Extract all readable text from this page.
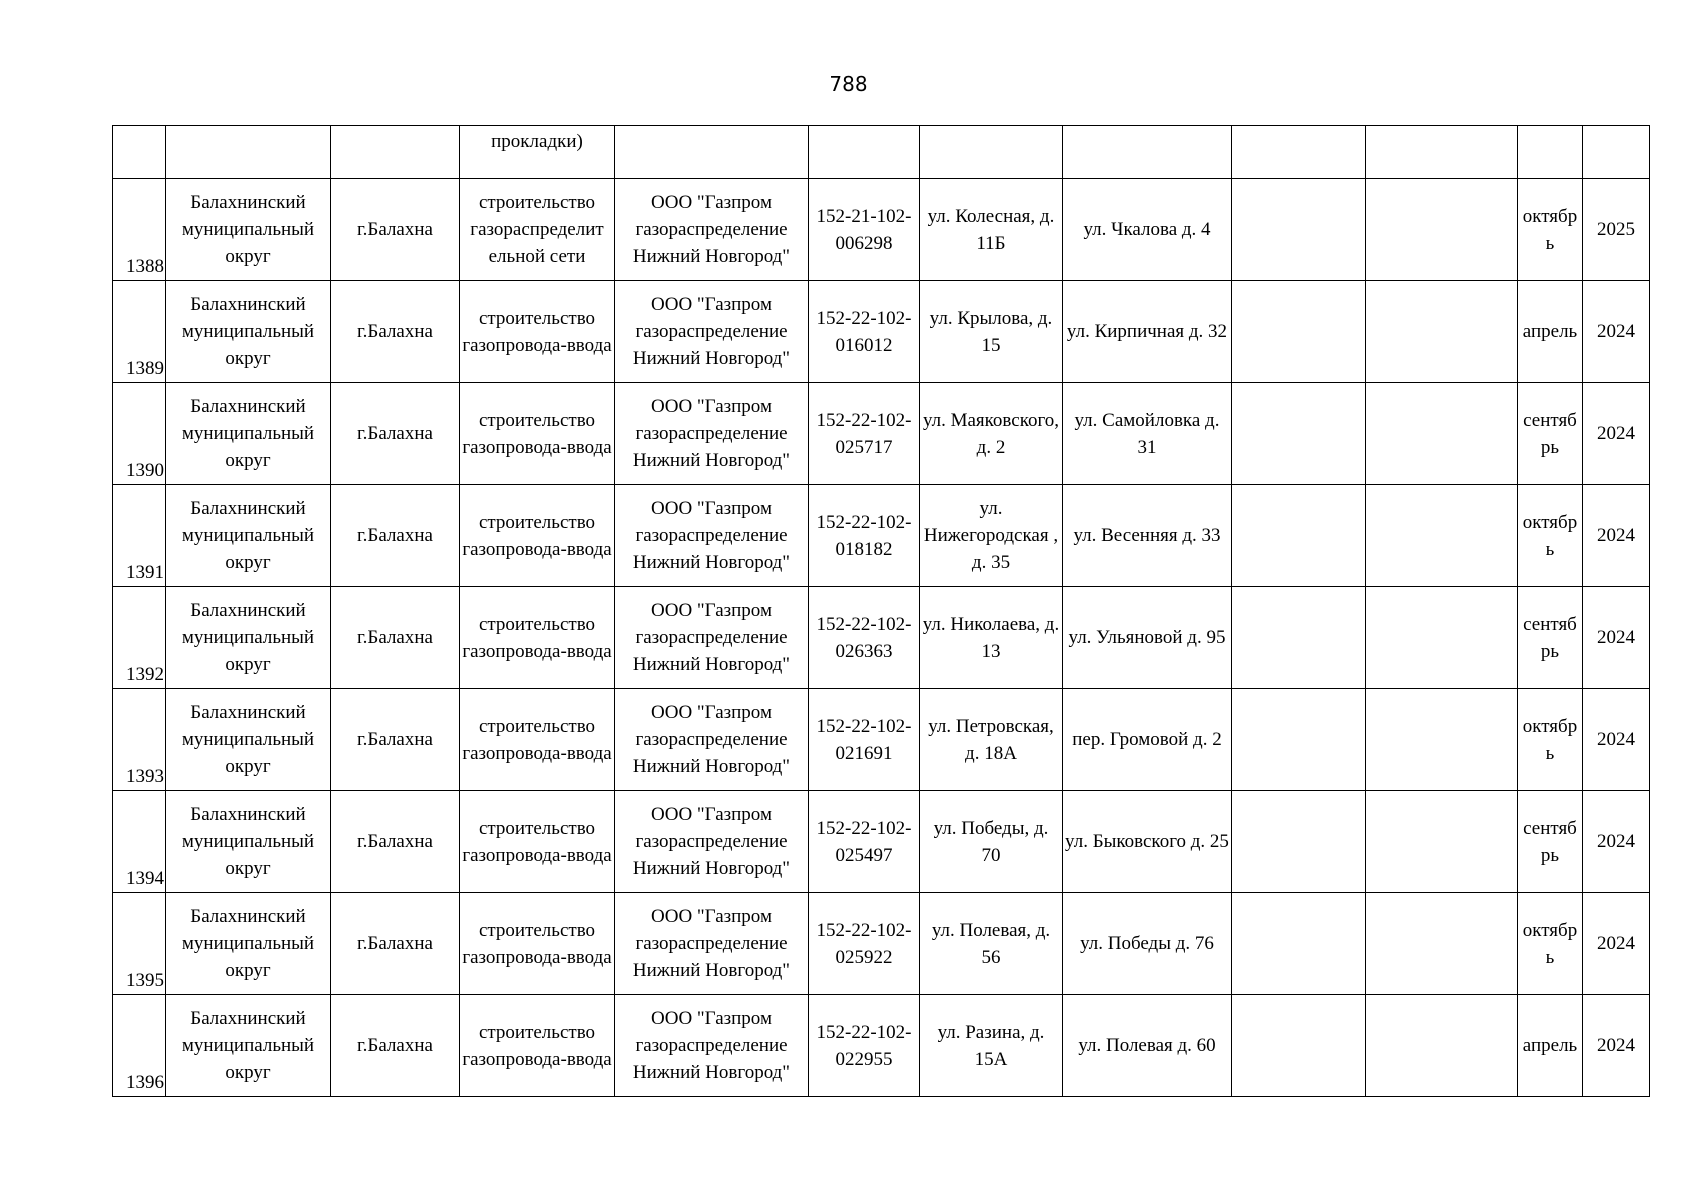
788
			прокладки)								
1388	Балахнинский муниципальный округ	г.Балахна	строительство газораспределит ельной сети	ООО "Газпром газораспределение Нижний Новгород"	152-21-102-006298	ул. Колесная, д. 11Б	ул. Чкалова д. 4			октябр ь	2025
1389	Балахнинский муниципальный округ	г.Балахна	строительство газопровода-ввода	ООО "Газпром газораспределение Нижний Новгород"	152-22-102-016012	ул. Крылова, д. 15	ул. Кирпичная д. 32			апрель	2024
1390	Балахнинский муниципальный округ	г.Балахна	строительство газопровода-ввода	ООО "Газпром газораспределение Нижний Новгород"	152-22-102-025717	ул. Маяковского, д. 2	ул. Самойловка д. 31			сентяб рь	2024
1391	Балахнинский муниципальный округ	г.Балахна	строительство газопровода-ввода	ООО "Газпром газораспределение Нижний Новгород"	152-22-102-018182	ул. Нижегородская , д. 35	ул. Весенняя д. 33			октябр ь	2024
1392	Балахнинский муниципальный округ	г.Балахна	строительство газопровода-ввода	ООО "Газпром газораспределение Нижний Новгород"	152-22-102-026363	ул. Николаева, д. 13	ул. Ульяновой д. 95			сентяб рь	2024
1393	Балахнинский муниципальный округ	г.Балахна	строительство газопровода-ввода	ООО "Газпром газораспределение Нижний Новгород"	152-22-102-021691	ул. Петровская, д. 18А	пер. Громовой д. 2			октябр ь	2024
1394	Балахнинский муниципальный округ	г.Балахна	строительство газопровода-ввода	ООО "Газпром газораспределение Нижний Новгород"	152-22-102-025497	ул. Победы, д. 70	ул. Быковского д. 25			сентяб рь	2024
1395	Балахнинский муниципальный округ	г.Балахна	строительство газопровода-ввода	ООО "Газпром газораспределение Нижний Новгород"	152-22-102-025922	ул. Полевая, д. 56	ул. Победы д. 76			октябр ь	2024
1396	Балахнинский муниципальный округ	г.Балахна	строительство газопровода-ввода	ООО "Газпром газораспределение Нижний Новгород"	152-22-102-022955	ул. Разина, д. 15А	ул. Полевая д. 60			апрель	2024
